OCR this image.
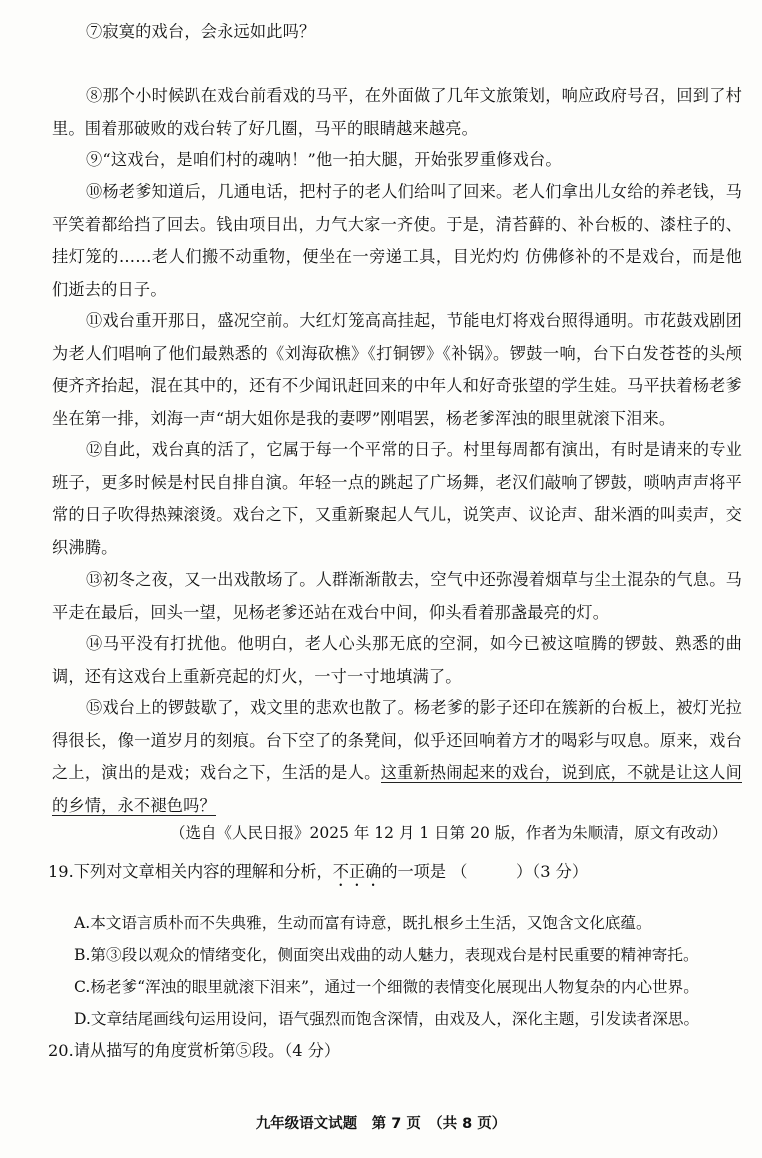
⑦寂寞的戏台，会永远如此吗？

⑧那个小时候趴在戏台前看戏的马平，在外面做了几年文旅策划，响应政府号召，回到了村里。围着那破败的戏台转了好几圈，马平的眼睛越来越亮。

⑨“这戏台，是咱们村的魂呐！”他一拍大腿，开始张罗重修戏台。

⑩杨老爹知道后，几通电话，把村子的老人们给叫了回来。老人们拿出儿女给的养老钱，马平笑着都给挡了回去。钱由项目出，力气大家一齐使。于是，清苔藓的、补台板的、漆柱子的、挂灯笼的……老人们搬不动重物，便坐在一旁递工具，目光灼灼 仿佛修补的不是戏台，而是他们逝去的日子。

⑪戏台重开那日，盛况空前。大红灯笼高高挂起，节能电灯将戏台照得通明。市花鼓戏剧团为老人们唱响了他们最熟悉的《刘海砍樵》《打铜锣》《补锅》。锣鼓一响，台下白发苍苍的头颅便齐齐抬起，混在其中的，还有不少闻讯赶回来的中年人和好奇张望的学生娃。马平扶着杨老爹坐在第一排，刘海一声“胡大姐你是我的妻啰”刚唱罢，杨老爹浑浊的眼里就滚下泪来。

⑫自此，戏台真的活了，它属于每一个平常的日子。村里每周都有演出，有时是请来的专业班子，更多时候是村民自排自演。年轻一点的跳起了广场舞，老汉们敲响了锣鼓，唢呐声声将平常的日子吹得热辣滚烫。戏台之下，又重新聚起人气儿，说笑声、议论声、甜米酒的叫卖声，交织沸腾。

⑬初冬之夜，又一出戏散场了。人群渐渐散去，空气中还弥漫着烟草与尘土混杂的气息。马平走在最后，回头一望，见杨老爹还站在戏台中间，仰头看着那盏最亮的灯。

⑭马平没有打扰他。他明白，老人心头那无底的空洞，如今已被这喧腾的锣鼓、熟悉的曲调，还有这戏台上重新亮起的灯火，一寸一寸地填满了。

⑮戏台上的锣鼓歇了，戏文里的悲欢也散了。杨老爹的影子还印在簇新的台板上，被灯光拉得很长，像一道岁月的刻痕。台下空了的条凳间，似乎还回响着方才的喝彩与叹息。原来，戏台之上，演出的是戏；戏台之下，生活的是人。这重新热闹起来的戏台，说到底，不就是让这人间的乡情，永不褪色吗？

（选自《人民日报》2025 年 12 月 1 日第 20 版，作者为朱顺清，原文有改动）
19.下列对文章相关内容的理解和分析，不正确的一项是 （　　　）（3 分）
A.本文语言质朴而不失典雅，生动而富有诗意，既扎根乡土生活，又饱含文化底蕴。
B.第③段以观众的情绪变化，侧面突出戏曲的动人魅力，表现戏台是村民重要的精神寄托。
C.杨老爹“浑浊的眼里就滚下泪来”，通过一个细微的表情变化展现出人物复杂的内心世界。
D.文章结尾画线句运用设问，语气强烈而饱含深情，由戏及人，深化主题，引发读者深思。
20.请从描写的角度赏析第⑤段。（4 分）
九年级语文试题　第 7 页　（共 8 页）
